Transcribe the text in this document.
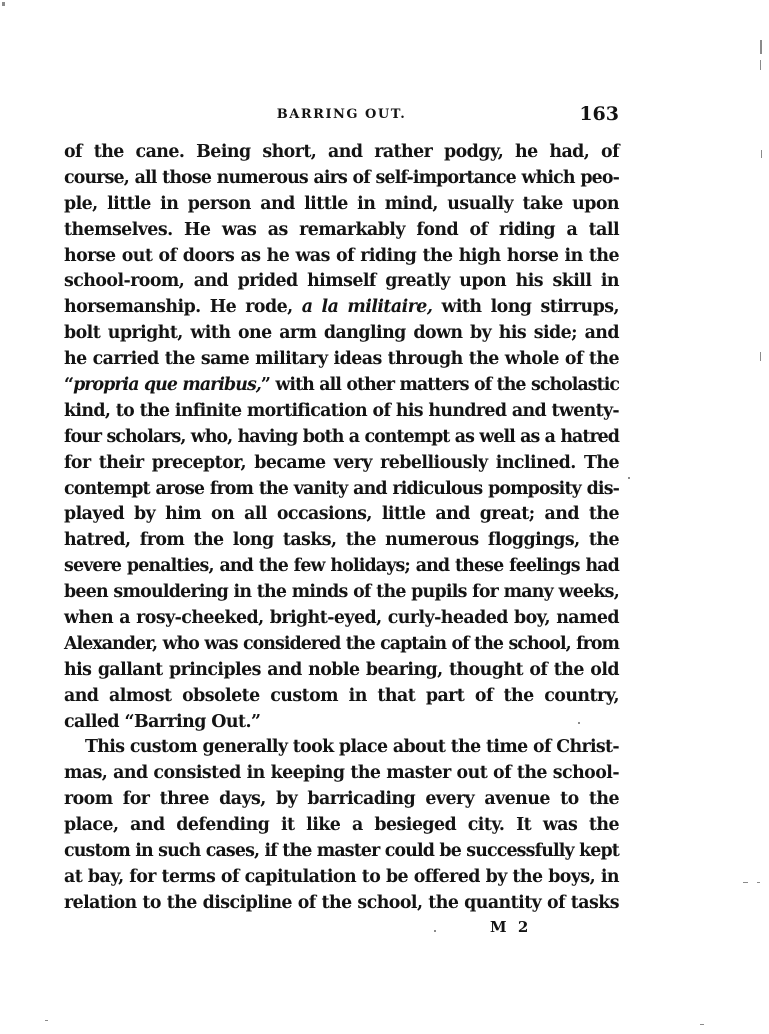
BARRING OUT.	163
of the cane. Being short, and rather podgy, he had, of
course, all those numerous airs of self-importance which peo-
ple, little in person and little in mind, usually take upon
themselves. He was as remarkably fond of riding a tall
horse out of doors as he was of riding the high horse in the
school-room, and prided himself greatly upon his skill in
horsemanship. He rode, a la militaire, with long stirrups,
bolt upright, with one arm dangling down by his side; and
he carried the same military ideas through the whole of the
“propria que maribus,” with all other matters of the scholastic
kind, to the infinite mortification of his hundred and twenty-
four scholars, who, having both a contempt as well as a hatred
for their preceptor, became very rebelliously inclined. The
contempt arose from the vanity and ridiculous pomposity dis-
played by him on all occasions, little and great; and the
hatred, from the long tasks, the numerous floggings, the
severe penalties, and the few holidays; and these feelings had
been smouldering in the minds of the pupils for many weeks,
when a rosy-cheeked, bright-eyed, curly-headed boy, named
Alexander, who was considered the captain of the school, from
his gallant principles and noble bearing, thought of the old
and almost obsolete custom in that part of the country,
called “Barring Out.”
This custom generally took place about the time of Christ-
mas, and consisted in keeping the master out of the school-
room for three days, by barricading every avenue to the
place, and defending it like a besieged city. It was the
custom in such cases, if the master could be successfully kept
at bay, for terms of capitulation to be offered by the boys, in
relation to the discipline of the school, the quantity of tasks
M 2
